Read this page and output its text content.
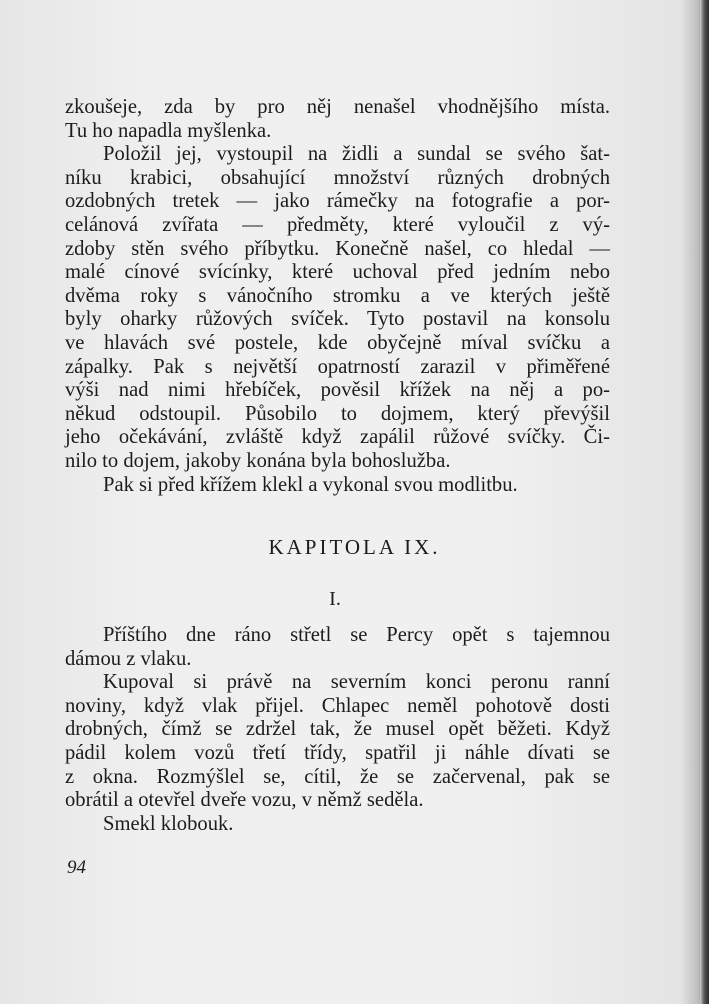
zkoušeje, zda by pro něj nenašel vhodnějšího místa.
Tu ho napadla myšlenka.
Položil jej, vystoupil na židli a sundal se svého šat-
níku krabici, obsahující množství různých drobných
ozdobných tretek — jako rámečky na fotografie a por-
celánová zvířata — předměty, které vyloučil z vý-
zdoby stěn svého příbytku. Konečně našel, co hledal —
malé cínové svícínky, které uchoval před jedním nebo
dvěma roky s vánočního stromku a ve kterých ještě
byly oharky růžových svíček. Tyto postavil na konsolu
ve hlavách své postele, kde obyčejně míval svíčku a
zápalky. Pak s největší opatrností zarazil v přiměřené
výši nad nimi hřebíček, pověsil křížek na něj a po-
někud odstoupil. Působilo to dojmem, který převýšil
jeho očekávání, zvláště když zapálil růžové svíčky. Či-
nilo to dojem, jakoby konána byla bohoslužba.
Pak si před křížem klekl a vykonal svou modlitbu.
KAPITOLA IX.
I.
Příštího dne ráno střetl se Percy opět s tajemnou
dámou z vlaku.
Kupoval si právě na severním konci peronu ranní
noviny, když vlak přijel. Chlapec neměl pohotově dosti
drobných, čímž se zdržel tak, že musel opět běžeti. Když
pádil kolem vozů třetí třídy, spatřil ji náhle dívati se
z okna. Rozmýšlel se, cítil, že se začervenal, pak se
obrátil a otevřel dveře vozu, v němž seděla.
Smekl klobouk.
94
